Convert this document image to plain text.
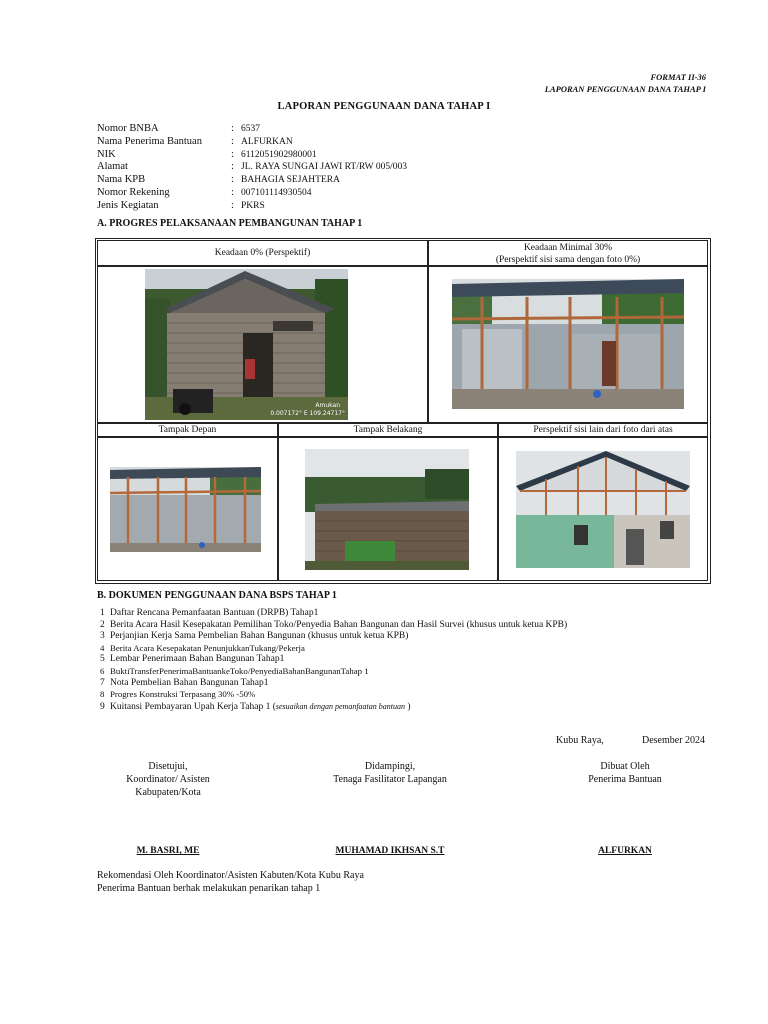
FORMAT II-36
LAPORAN PENGGUNAAN DANA TAHAP I
LAPORAN PENGGUNAAN DANA TAHAP I
Nomor BNBA	: 6537
Nama Penerima Bantuan	: ALFURKAN
NIK	: 6112051902980001
Alamat	: JL. RAYA SUNGAI JAWI RT/RW 005/003
Nama KPB	: BAHAGIA SEJAHTERA
Nomor Rekening	: 007101114930504
Jenis Kegiatan	: PKRS
A. PROGRES PELAKSANAAN PEMBANGUNAN TAHAP 1
Keadaan 0% (Perspektif)	Keadaan Minimal 30%
(Perspektif sisi sama dengan foto 0%)
Amukan
0.007172° E 109.24717°
Tampak Depan	Tampak Belakang	Perspektif sisi lain dari foto dari atas
B. DOKUMEN PENGGUNAAN DANA BSPS TAHAP 1
1 Daftar Rencana Pemanfaatan Bantuan (DRPB) Tahap1
2 Berita Acara Hasil Kesepakatan Pemilihan Toko/Penyedia Bahan Bangunan dan Hasil Survei (khusus untuk ketua KPB)
3 Perjanjian Kerja Sama Pembelian Bahan Bangunan (khusus untuk ketua KPB)
4 Berita Acara Kesepakatan PenunjukkanTukang/Pekerja
5 Lembar Penerimaan Bahan Bangunan Tahap1
6 BuktiTransferPenerimaBantuankeToko/PenyediaBahanBangunanTahap 1
7 Nota Pembelian Bahan Bangunan Tahap1
8 Progres Konstruksi Terpasang 30% -50%
9 Kuitansi Pembayaran Upah Kerja Tahap 1 (sesuaikan dengan pemanfaatan bantuan )
Kubu Raya,	Desember 2024
Disetujui,
Koordinator/ Asisten
Kabupaten/Kota
Didampingi,
Tenaga Fasilitator Lapangan
Dibuat Oleh
Penerima Bantuan
M. BASRI, ME	MUHAMAD IKHSAN S.T	ALFURKAN
Rekomendasi Oleh Koordinator/Asisten Kabuten/Kota Kubu Raya
Penerima Bantuan berhak melakukan penarikan tahap 1
